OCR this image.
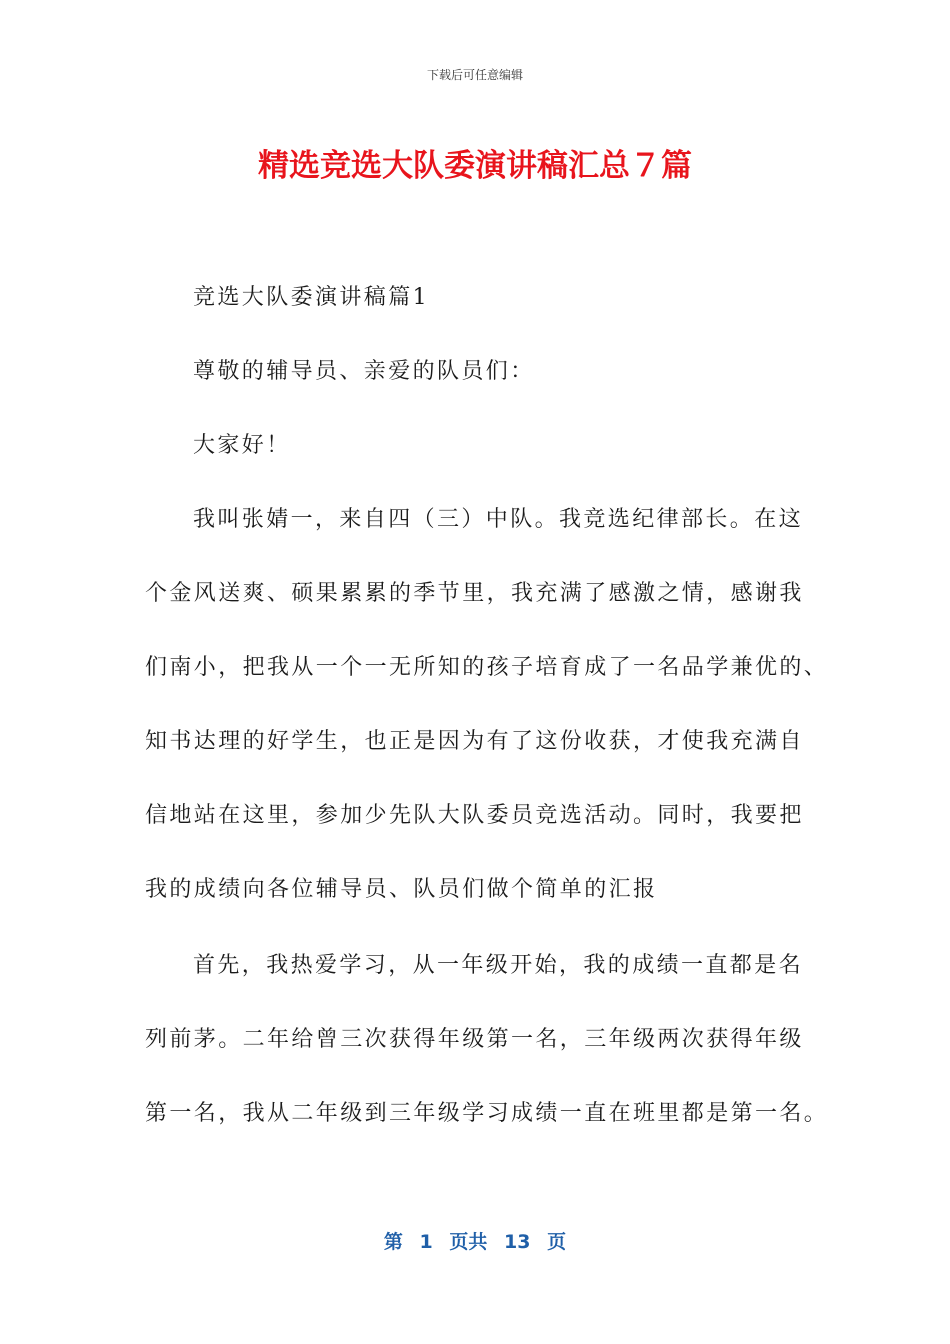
下载后可任意编辑
精选竞选大队委演讲稿汇总７篇
竞选大队委演讲稿篇1
尊敬的辅导员、亲爱的队员们：
大家好！
我叫张婧一，来自四（三）中队。我竞选纪律部长。在这
个金风送爽、硕果累累的季节里，我充满了感激之情，感谢我
们南小，把我从一个一无所知的孩子培育成了一名品学兼优的、
知书达理的好学生，也正是因为有了这份收获，才使我充满自
信地站在这里，参加少先队大队委员竞选活动。同时，我要把
我的成绩向各位辅导员、队员们做个简单的汇报
首先，我热爱学习，从一年级开始，我的成绩一直都是名
列前茅。二年给曾三次获得年级第一名，三年级两次获得年级
第一名，我从二年级到三年级学习成绩一直在班里都是第一名。
第 1 页共 13 页
